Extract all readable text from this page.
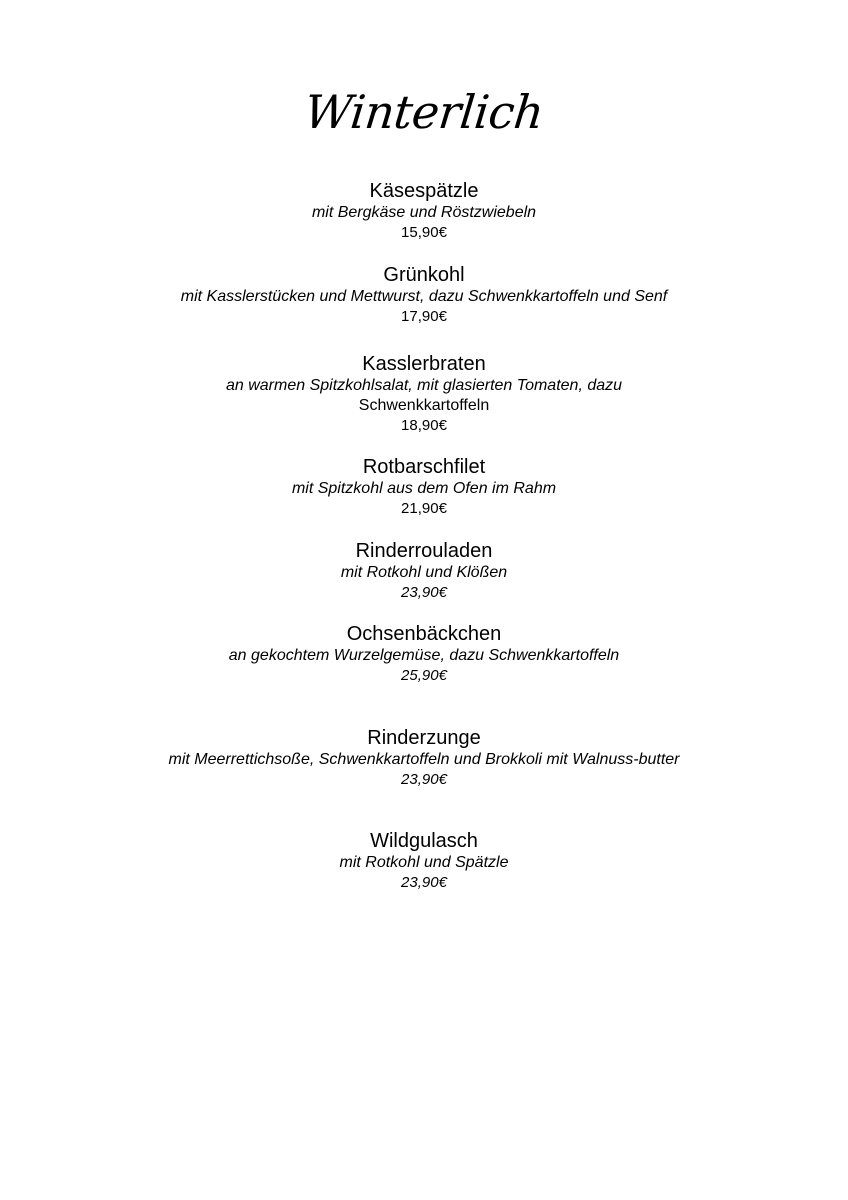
Winterlich
Käsespätzle
mit Bergkäse und Röstzwiebeln
15,90€
Grünkohl
mit Kasslerstücken und Mettwurst, dazu Schwenkkartoffeln und Senf
17,90€
Kasslerbraten
an warmen Spitzkohlsalat, mit glasierten Tomaten, dazu
Schwenkkartoffeln
18,90€
Rotbarschfilet
mit Spitzkohl aus dem Ofen im Rahm
21,90€
Rinderrouladen
mit Rotkohl und Klößen
23,90€
Ochsenbäckchen
an gekochtem Wurzelgemüse, dazu Schwenkkartoffeln
25,90€
Rinderzunge
mit Meerrettichsoße, Schwenkkartoffeln und Brokkoli mit Walnuss-butter
23,90€
Wildgulasch
mit Rotkohl und Spätzle
23,90€
